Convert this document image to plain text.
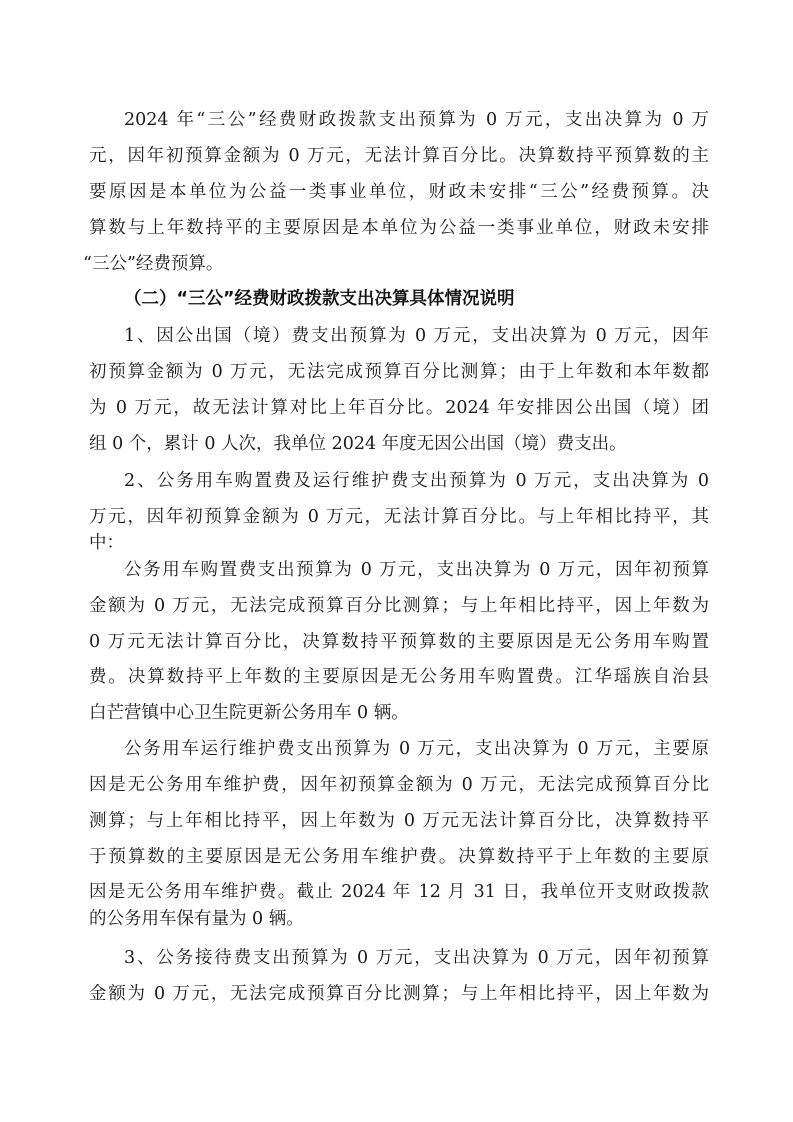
2024 年“三公”经费财政拨款支出预算为 0 万元，支出决算为 0 万
元，因年初预算金额为 0 万元，无法计算百分比。决算数持平预算数的主
要原因是本单位为公益一类事业单位，财政未安排“三公”经费预算。决
算数与上年数持平的主要原因是本单位为公益一类事业单位，财政未安排
“三公”经费预算。
（二）“三公”经费财政拨款支出决算具体情况说明
1、因公出国（境）费支出预算为 0 万元，支出决算为 0 万元，因年
初预算金额为 0 万元，无法完成预算百分比测算；由于上年数和本年数都
为 0 万元，故无法计算对比上年百分比。2024 年安排因公出国（境）团
组 0 个，累计 0 人次，我单位 2024 年度无因公出国（境）费支出。
2、公务用车购置费及运行维护费支出预算为 0 万元，支出决算为 0
万元，因年初预算金额为 0 万元，无法计算百分比。与上年相比持平，其
中：
公务用车购置费支出预算为 0 万元，支出决算为 0 万元，因年初预算
金额为 0 万元，无法完成预算百分比测算；与上年相比持平，因上年数为
0 万元无法计算百分比，决算数持平预算数的主要原因是无公务用车购置
费。决算数持平上年数的主要原因是无公务用车购置费。江华瑶族自治县
白芒营镇中心卫生院更新公务用车 0 辆。
公务用车运行维护费支出预算为 0 万元，支出决算为 0 万元，主要原
因是无公务用车维护费，因年初预算金额为 0 万元，无法完成预算百分比
测算；与上年相比持平，因上年数为 0 万元无法计算百分比，决算数持平
于预算数的主要原因是无公务用车维护费。决算数持平于上年数的主要原
因是无公务用车维护费。截止 2024 年 12 月 31 日，我单位开支财政拨款
的公务用车保有量为 0 辆。
3、公务接待费支出预算为 0 万元，支出决算为 0 万元，因年初预算
金额为 0 万元，无法完成预算百分比测算；与上年相比持平，因上年数为
